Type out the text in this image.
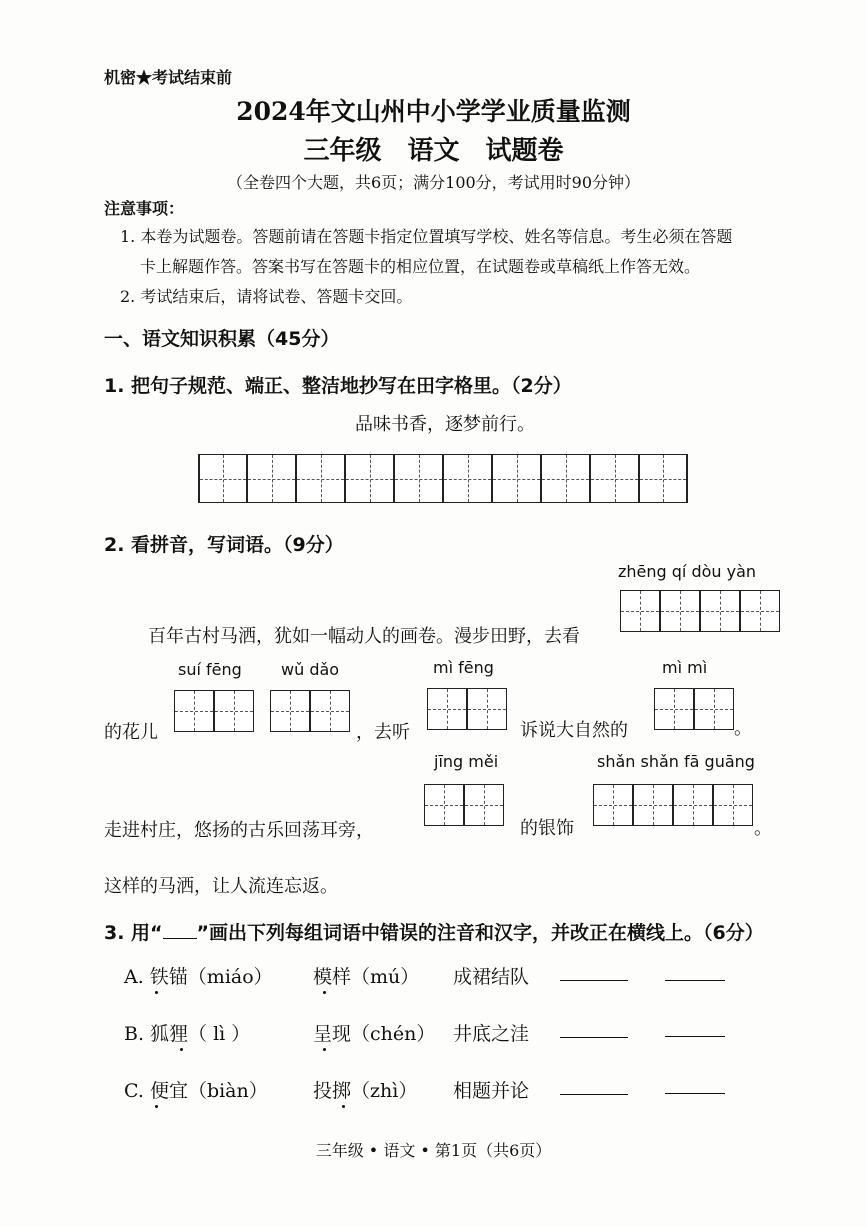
机密★考试结束前
2024年文山州中小学学业质量监测
三年级　语文　试题卷
（全卷四个大题，共6页；满分100分，考试用时90分钟）
注意事项：
1. 本卷为试题卷。答题前请在答题卡指定位置填写学校、姓名等信息。考生必须在答题
卡上解题作答。答案书写在答题卡的相应位置，在试题卷或草稿纸上作答无效。
2. 考试结束后，请将试卷、答题卡交回。
一、语文知识积累（45分）
1. 把句子规范、端正、整洁地抄写在田字格里。（2分）
品味书香，逐梦前行。
2. 看拼音，写词语。（9分）
zhēng qí dòu yàn
百年古村马洒，犹如一幅动人的画卷。漫步田野，去看
suí fēng wǔ dǎo	mì fēng	mì mì
的花儿	，去听	诉说大自然的	。
jīng měi	shǎn shǎn fā guāng
走进村庄，悠扬的古乐回荡耳旁，	的银饰	。
这样的马洒，让人流连忘返。
3. 用“ ”画出下列每组词语中错误的注音和汉字，并改正在横线上。（6分）
A. 铁锚（miáo） 模样（mú） 成裙结队
B. 狐狸（ lì ）	呈现（chén） 井底之洼
C. 便宜（biàn） 投掷（zhì） 相题并论
三年级 • 语文 • 第1页（共6页）
